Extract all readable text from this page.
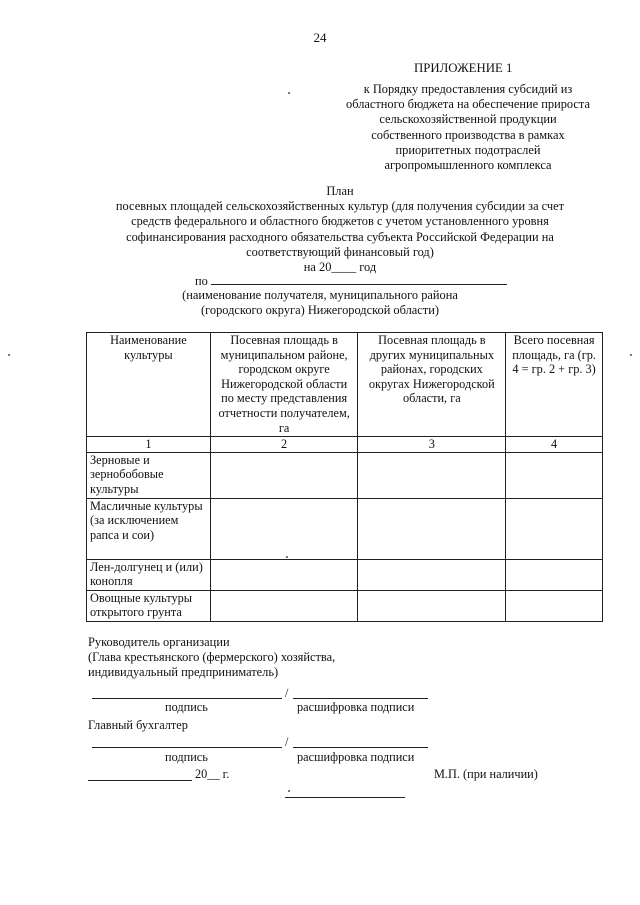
24
ПРИЛОЖЕНИЕ 1
к Порядку предоставления субсидий из
областного бюджета на обеспечение прироста
сельскохозяйственной продукции
собственного производства в рамках
приоритетных подотраслей
агропромышленного комплекса
План
посевных площадей сельскохозяйственных культур (для получения субсидии за счет
средств федерального и областного бюджетов с учетом установленного уровня
софинансирования расходного обязательства субъекта Российской Федерации на
соответствующий финансовый год)
на 20____ год
по
(наименование получателя, муниципального района
(городского округа) Нижегородской области)
Наименование культуры	Посевная площадь в муниципальном районе, городском округе Нижегородской области по месту представления отчетности получателем, га	Посевная площадь в других муниципальных районах, городских округах Нижегородской области, га	Всего посевная площадь, га (гр. 4 = гр. 2 + гр. 3)
1	2	3	4
Зерновые и зернобобовые культуры			
Масличные культуры (за исключением рапса и сои)			
Лен-долгунец и (или) конопля			
Овощные культуры открытого грунта			
Руководитель организации
(Глава крестьянского (фермерского) хозяйства,
индивидуальный предприниматель)
/
подпись	расшифровка подписи
Главный бухгалтер
/
подпись	расшифровка подписи
20__ г.	М.П. (при наличии)
